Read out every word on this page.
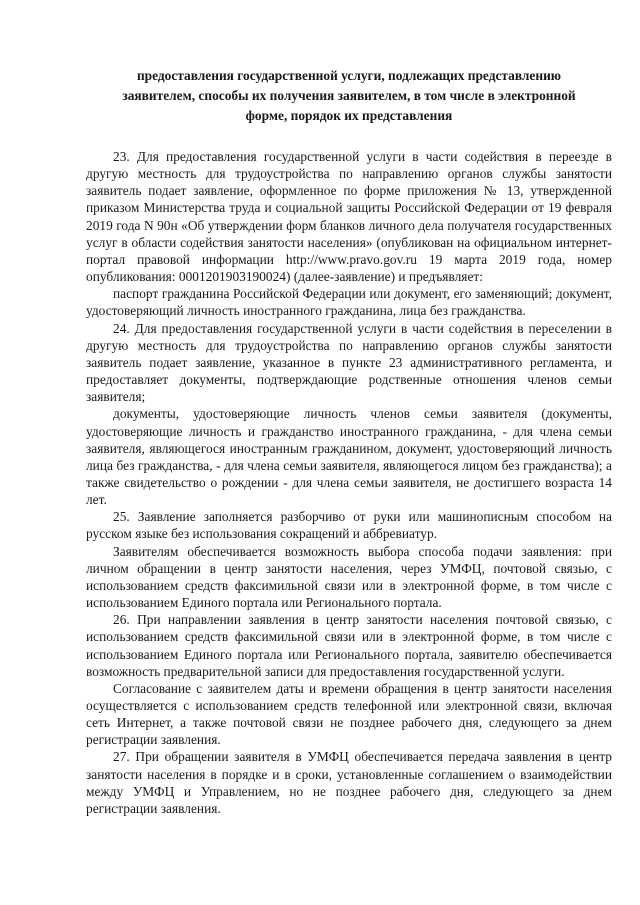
предоставления государственной услуги, подлежащих представлению
заявителем, способы их получения заявителем, в том числе в электронной
форме, порядок их представления

23. Для предоставления государственной услуги в части содействия в переезде в другую местность для трудоустройства по направлению органов службы занятости заявитель подает заявление, оформленное по форме приложения № 13, утвержденной приказом Министерства труда и социальной защиты Российской Федерации от 19 февраля 2019 года N 90н «Об утверждении форм бланков личного дела получателя государственных услуг в области содействия занятости населения» (опубликован на официальном интернет-портал правовой информации http://www.pravo.gov.ru 19 марта 2019 года, номер опубликования: 0001201903190024) (далее-заявление) и предъявляет:

паспорт гражданина Российской Федерации или документ, его заменяющий; документ, удостоверяющий личность иностранного гражданина, лица без гражданства.

24. Для предоставления государственной услуги в части содействия в переселении в другую местность для трудоустройства по направлению органов службы занятости заявитель подает заявление, указанное в пункте 23 административного регламента, и предоставляет документы, подтверждающие родственные отношения членов семьи заявителя;

документы, удостоверяющие личность членов семьи заявителя (документы, удостоверяющие личность и гражданство иностранного гражданина, - для члена семьи заявителя, являющегося иностранным гражданином, документ, удостоверяющий личность лица без гражданства, - для члена семьи заявителя, являющегося лицом без гражданства); а также свидетельство о рождении - для члена семьи заявителя, не достигшего возраста 14 лет.

25. Заявление заполняется разборчиво от руки или машинописным способом на русском языке без использования сокращений и аббревиатур.

Заявителям обеспечивается возможность выбора способа подачи заявления: при личном обращении в центр занятости населения, через УМФЦ, почтовой связью, с использованием средств факсимильной связи или в электронной форме, в том числе с использованием Единого портала или Регионального портала.

26. При направлении заявления в центр занятости населения почтовой связью, с использованием средств факсимильной связи или в электронной форме, в том числе с использованием Единого портала или Регионального портала, заявителю обеспечивается возможность предварительной записи для предоставления государственной услуги.

Согласование с заявителем даты и времени обращения в центр занятости населения осуществляется с использованием средств телефонной или электронной связи, включая сеть Интернет, а также почтовой связи не позднее рабочего дня, следующего за днем регистрации заявления.

27. При обращении заявителя в УМФЦ обеспечивается передача заявления в центр занятости населения в порядке и в сроки, установленные соглашением о взаимодействии между УМФЦ и Управлением, но не позднее рабочего дня, следующего за днем регистрации заявления.
